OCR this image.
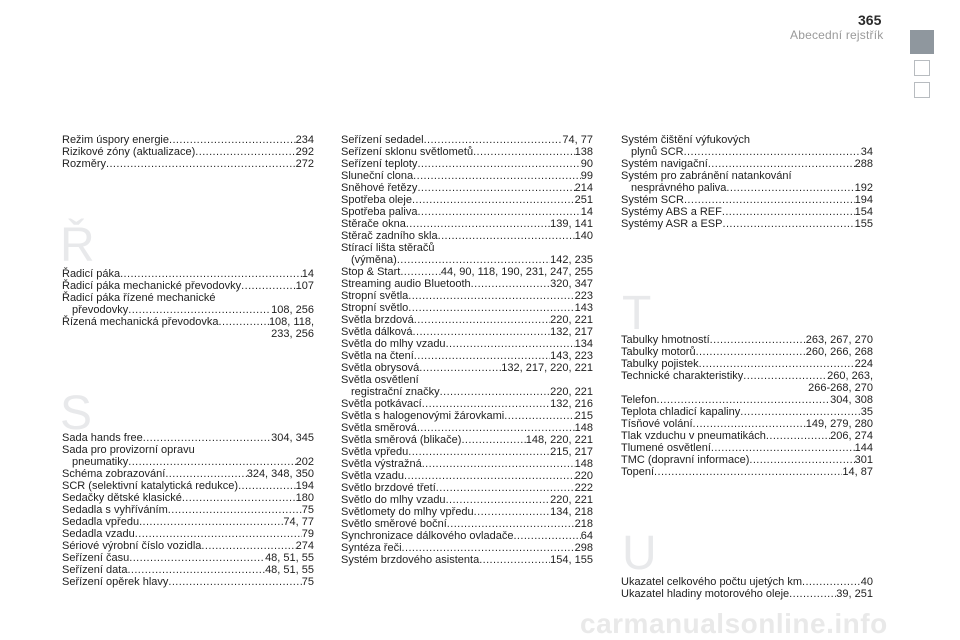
365
Abecední rejstřík
Ř
S
T
U
Režim úspory energie .....	234
Rizikové zóny (aktualizace) .....	292
Rozměry .....	272
Řadicí páka .....	14
Řadicí páka mechanické převodovky .....	107
Řadicí páka řízené mechanické
převodovky .....	108, 256
Řízená mechanická převodovka .....	108, 118,
233, 256
Sada hands free .....	304, 345
Sada pro provizorní opravu
pneumatiky .....	202
Schéma zobrazování .....	324, 348, 350
SCR (selektivní katalytická redukce) .....	194
Sedačky dětské klasické .....	180
Sedadla s vyhříváním .....	75
Sedadla vpředu .....	74, 77
Sedadla vzadu .....	79
Sériové výrobní číslo vozidla .....	274
Seřízení času .....	48, 51, 55
Seřízení data .....	48, 51, 55
Seřízení opěrek hlavy .....	75
Seřízení sedadel .....	74, 77
Seřízení sklonu světlometů .....	138
Seřízení teploty .....	90
Sluneční clona .....	99
Sněhové řetězy .....	214
Spotřeba oleje .....	251
Spotřeba paliva .....	14
Stěrače okna .....	139, 141
Stěrač zadního skla .....	140
Stírací lišta stěračů
(výměna) .....	142, 235
Stop & Start .....	44, 90, 118, 190, 231, 247, 255
Streaming audio Bluetooth .....	320, 347
Stropní světla .....	223
Stropní světlo .....	143
Světla brzdová .....	220, 221
Světla dálková .....	132, 217
Světla do mlhy vzadu .....	134
Světla na čtení .....	143, 223
Světla obrysová .....	132, 217, 220, 221
Světla osvětlení
registrační značky .....	220, 221
Světla potkávací .....	132, 216
Světla s halogenovými žárovkami .....	215
Světla směrová .....	148
Světla směrová (blikače) .....	148, 220, 221
Světla vpředu .....	215, 217
Světla výstražná .....	148
Světla vzadu .....	220
Světlo brzdové třetí .....	222
Světlo do mlhy vzadu .....	220, 221
Světlomety do mlhy vpředu .....	134, 218
Světlo směrové boční .....	218
Synchronizace dálkového ovladače .....	64
Syntéza řeči .....	298
Systém brzdového asistenta .....	154, 155
Systém čištění výfukových
plynů SCR .....	34
Systém navigační .....	288
Systém pro zabránění natankování
nesprávného paliva .....	192
Systém SCR .....	194
Systémy ABS a REF .....	154
Systémy ASR a ESP .....	155
Tabulky hmotností .....	263, 267, 270
Tabulky motorů .....	260, 266, 268
Tabulky pojistek .....	224
Technické charakteristiky .....	260, 263,
266-268, 270
Telefon .....	304, 308
Teplota chladicí kapaliny .....	35
Tísňové volání .....	149, 279, 280
Tlak vzduchu v pneumatikách .....	206, 274
Tlumené osvětlení .....	144
TMC (dopravní informace) .....	301
Topení .....	14, 87
Ukazatel celkového počtu ujetých km .....	40
Ukazatel hladiny motorového oleje .....	39, 251
carmanualsonline.info
